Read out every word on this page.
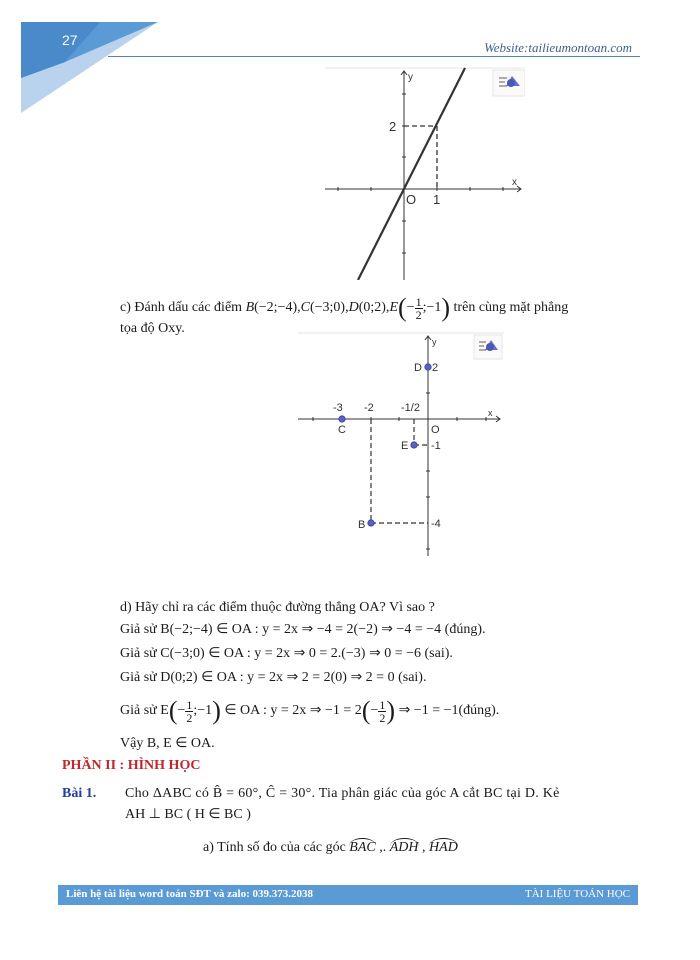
27	Website:tailieumontoan.com
y
x
O 1
2
c) Đánh dấu các điểm B(−2;−4),C(−3;0),D(0;2),E(− $\frac{1}{2}$ ;−1) trên cùng mặt phẳng
tọa độ Oxy.
y
x
O
-3 -2 -1/2
2
-1
-4
B
C
D
E
d) Hãy chỉ ra các điểm thuộc đường thẳng OA? Vì sao ?
Giả sử B(−2;−4) ∈ OA : y = 2x ⇒ −4 = 2(−2) ⇒ −4 = −4 (đúng).
Giả sử C(−3;0) ∈ OA : y = 2x ⇒ 0 = 2.(−3) ⇒ 0 = −6 (sai).
Giả sử D(0;2) ∈ OA : y = 2x ⇒ 2 = 2(0) ⇒ 2 = 0 (sai).
Giả sử $E(- \frac{1}{2}$ ;−1) ∈ OA : y = 2x ⇒ $-1 = 2(- \frac{1}{2}$ ) ⇒ −1 = −1(đúng).
Vậy B, E ∈ OA.
PHẦN II : HÌNH HỌC
Bài 1. Cho ΔABC có B̂ = 60°, Ĉ = 30°. Tia phân giác của góc A cắt BC tại D. Kẻ
AH ⊥ BC ( H ∈ BC )
a) Tính số đo của các góc BAC ,. ADH , HAD
Liên hệ tài liệu word toán SĐT và zalo: 039.373.2038	TÀI LIỆU TOÁN HỌC
